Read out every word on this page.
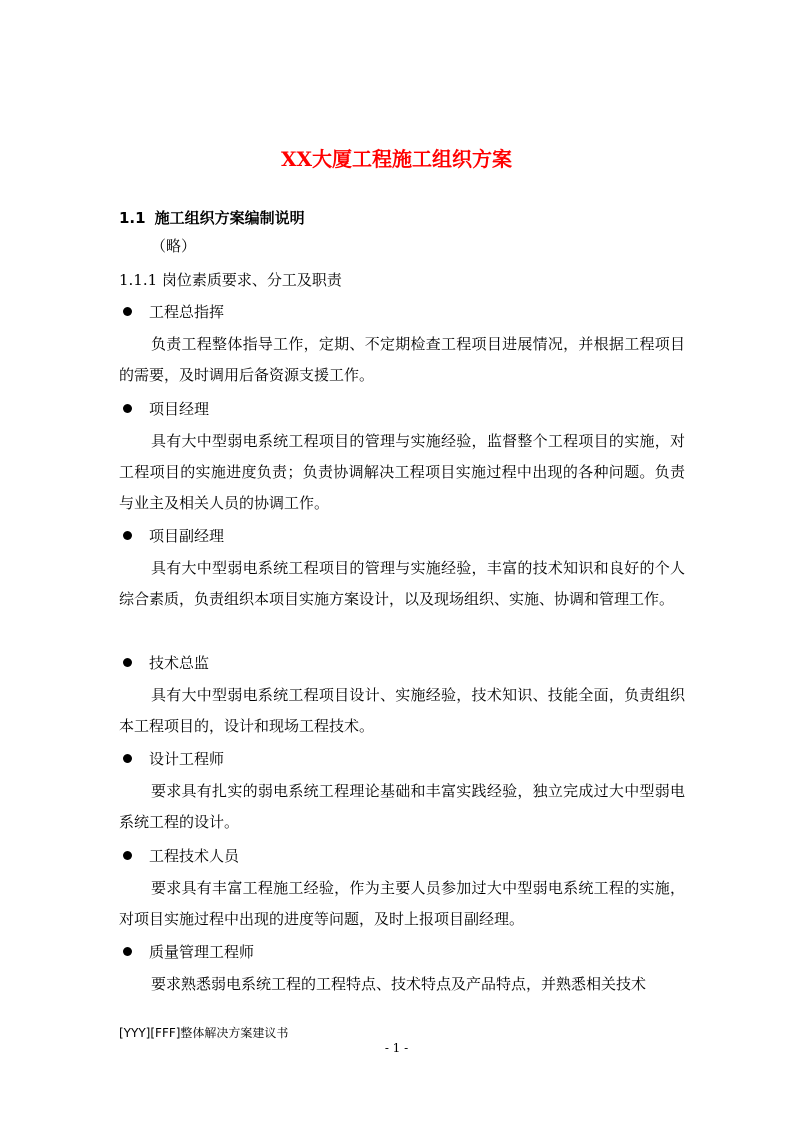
XX大厦工程施工组织方案
1.1 施工组织方案编制说明
（略）
1.1.1 岗位素质要求、分工及职责
工程总指挥
负责工程整体指导工作，定期、不定期检查工程项目进展情况，并根据工程项目的需要，及时调用后备资源支援工作。
项目经理
具有大中型弱电系统工程项目的管理与实施经验，监督整个工程项目的实施，对工程项目的实施进度负责；负责协调解决工程项目实施过程中出现的各种问题。负责与业主及相关人员的协调工作。
项目副经理
具有大中型弱电系统工程项目的管理与实施经验，丰富的技术知识和良好的个人综合素质，负责组织本项目实施方案设计，以及现场组织、实施、协调和管理工作。
技术总监
具有大中型弱电系统工程项目设计、实施经验，技术知识、技能全面，负责组织本工程项目的，设计和现场工程技术。
设计工程师
要求具有扎实的弱电系统工程理论基础和丰富实践经验，独立完成过大中型弱电系统工程的设计。
工程技术人员
要求具有丰富工程施工经验，作为主要人员参加过大中型弱电系统工程的实施，对项目实施过程中出现的进度等问题，及时上报项目副经理。
质量管理工程师
要求熟悉弱电系统工程的工程特点、技术特点及产品特点，并熟悉相关技术
[YYY][FFF]整体解决方案建议书
- 1 -
